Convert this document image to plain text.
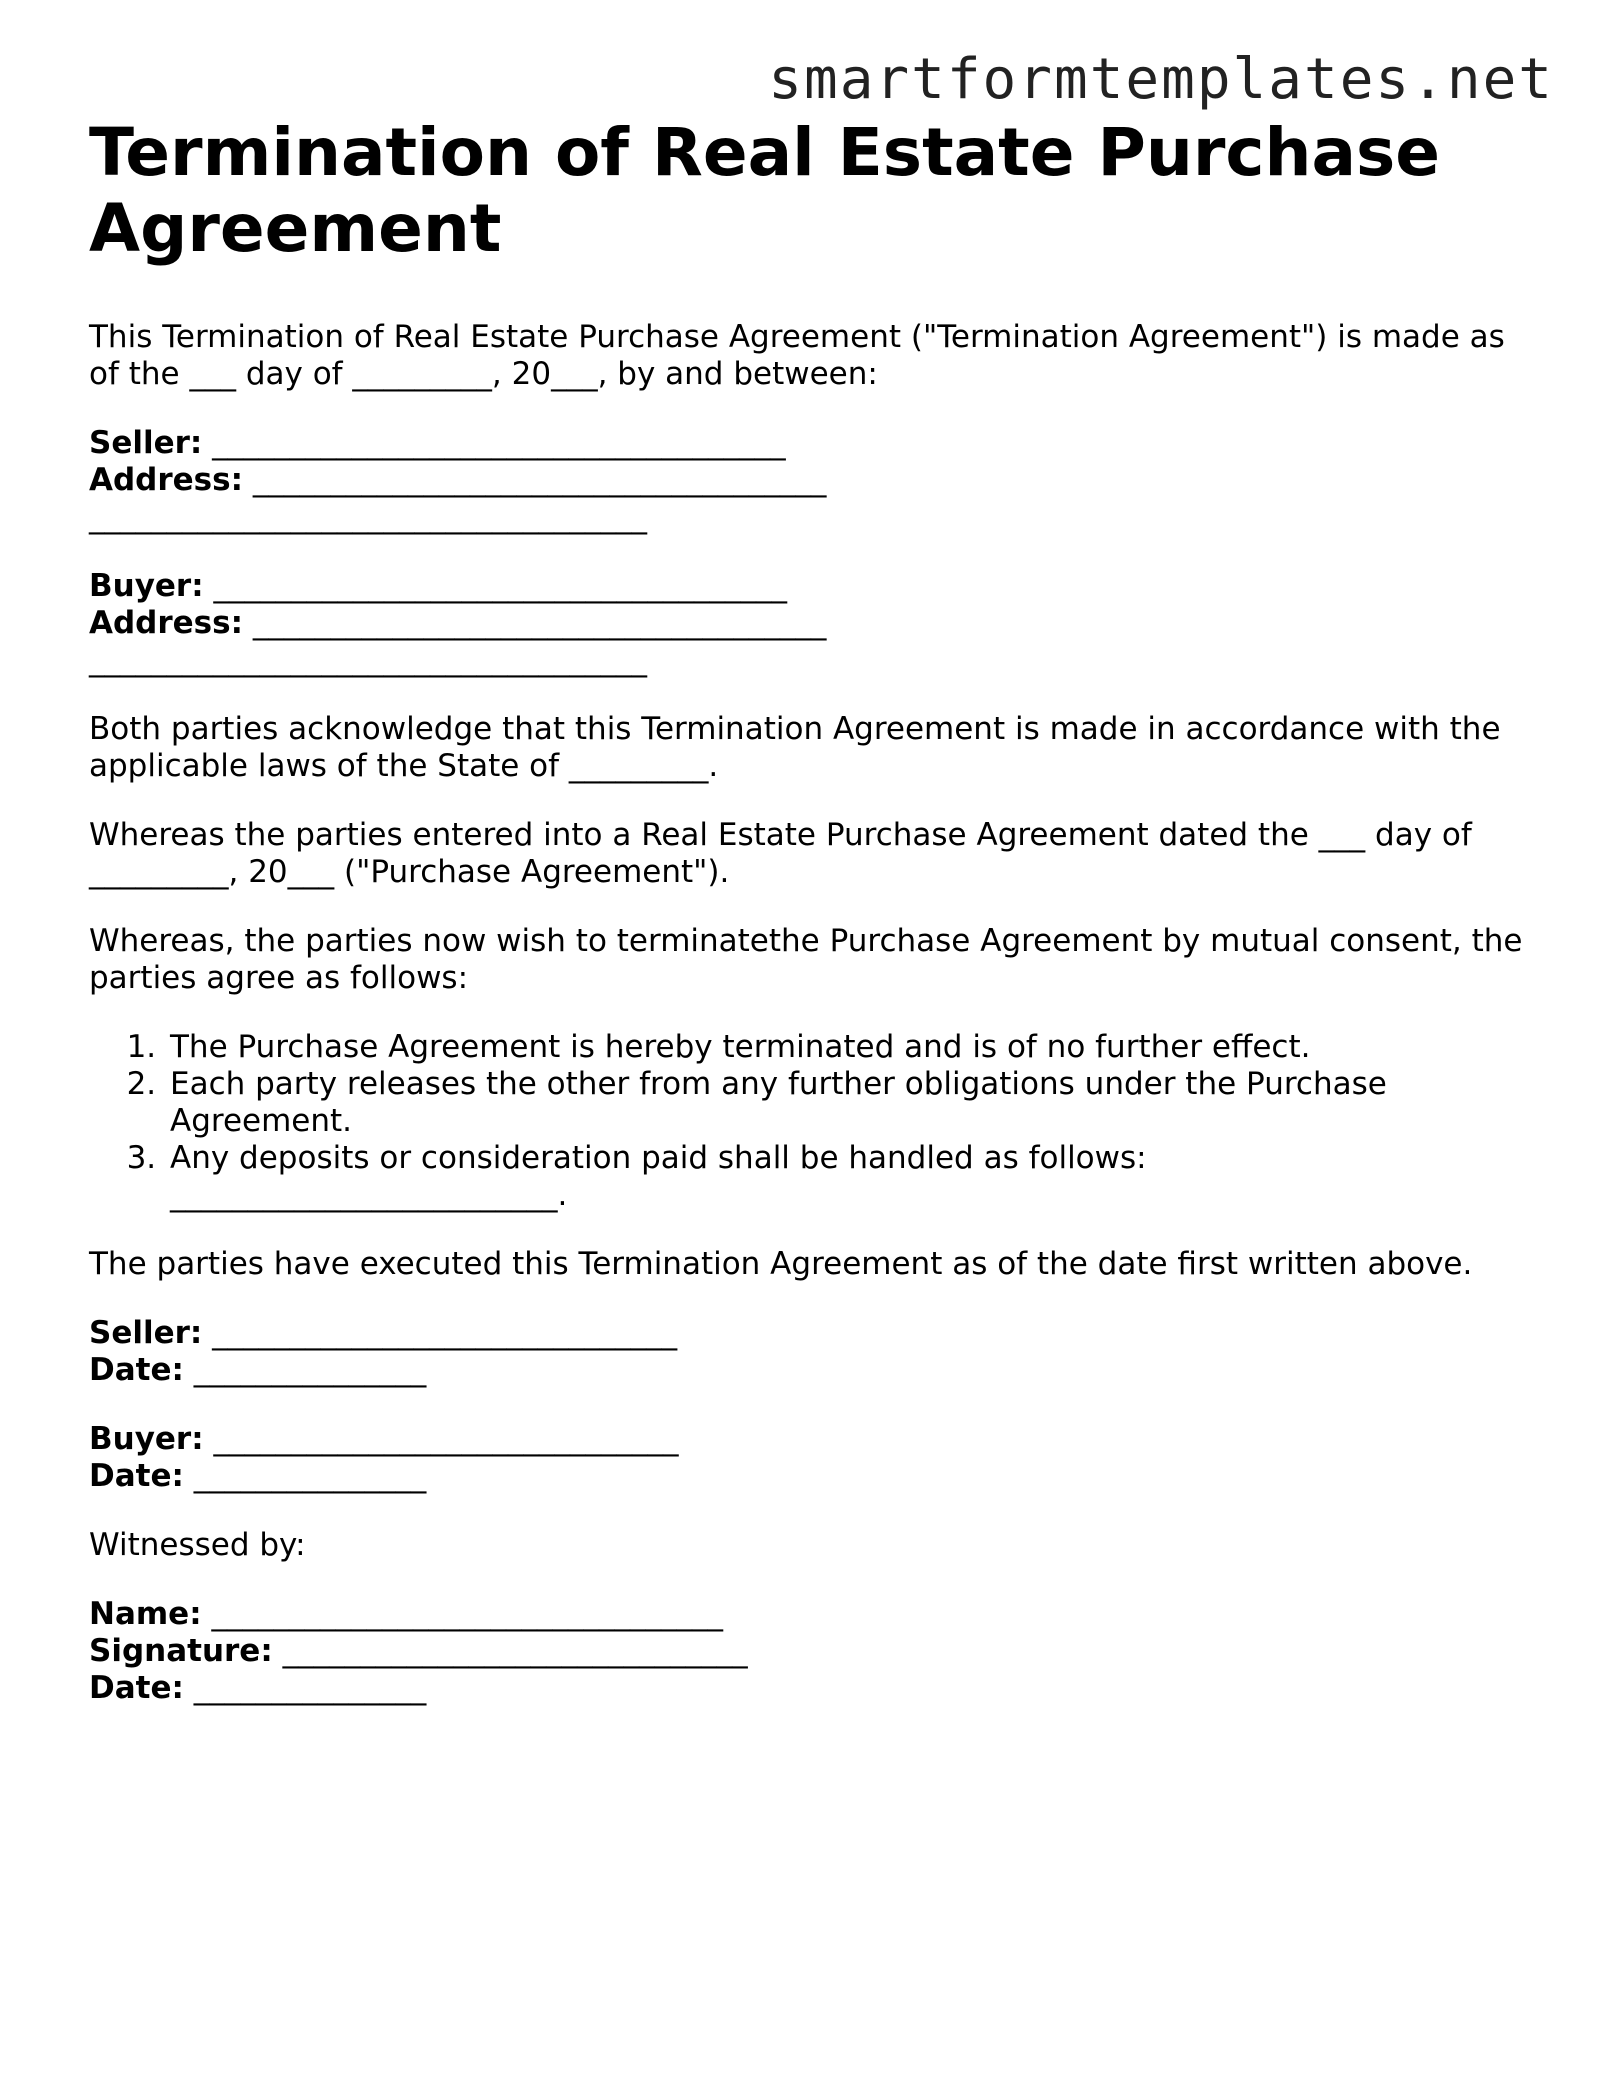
smartformtemplates.net
Termination of Real Estate Purchase Agreement

This Termination of Real Estate Purchase Agreement ("Termination Agreement") is made as of the ___ day of _________, 20___, by and between:

Seller: _____________________________________
Address: _____________________________________
____________________________________
Buyer: _____________________________________
Address: _____________________________________
____________________________________

Both parties acknowledge that this Termination Agreement is made in accordance with the applicable laws of the State of _________.

Whereas the parties entered into a Real Estate Purchase Agreement dated the ___ day of _________, 20___ ("Purchase Agreement").

Whereas, the parties now wish to terminatethe Purchase Agreement by mutual consent, the parties agree as follows:

1. The Purchase Agreement is hereby terminated and is of no further effect.
2. Each party releases the other from any further obligations under the Purchase Agreement.
3. Any deposits or consideration paid shall be handled as follows: _________________________.

The parties have executed this Termination Agreement as of the date first written above.

Seller: ______________________________
Date: _______________
Buyer: ______________________________
Date: _______________

Witnessed by:

Name: _________________________________
Signature: ______________________________
Date: _______________
